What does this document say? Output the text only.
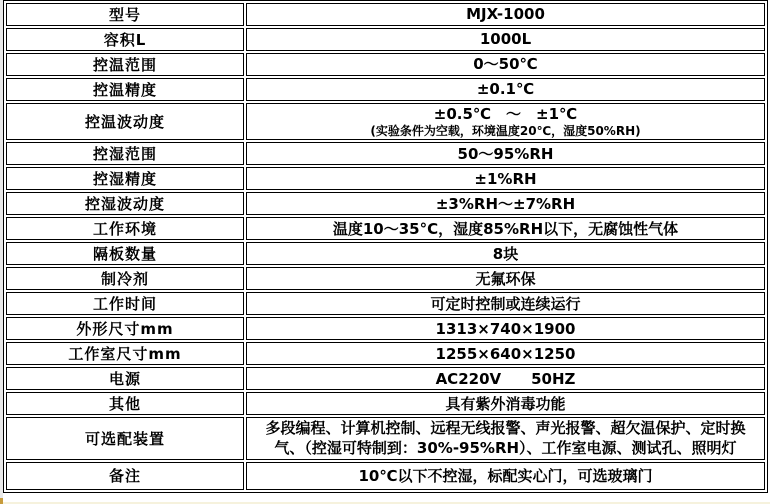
型号	MJX-1000
容积L	1000L
控温范围	0～50℃
控温精度	±0.1℃
控温波动度	±0.5℃　～　±1℃
(实验条件为空载，环境温度20℃，湿度50%RH)

控湿范围	50～95%RH
控湿精度	±1%RH
控湿波动度	±3%RH～±7%RH
工作环境	温度10～35°C，湿度85%RH以下，无腐蚀性气体
隔板数量	8块
制冷剂	无氟环保
工作时间	可定时控制或连续运行
外形尺寸mm	1313×740×1900
工作室尺寸mm	1255×640×1250
电源	AC220V　　50HZ
其他	具有紫外消毒功能
可选配装置	多段编程、计算机控制、远程无线报警、声光报警、超欠温保护、定时换气、（控湿可特制到：30%-95%RH）、工作室电源、测试孔、照明灯
备注	10℃以下不控湿，标配实心门，可选玻璃门
